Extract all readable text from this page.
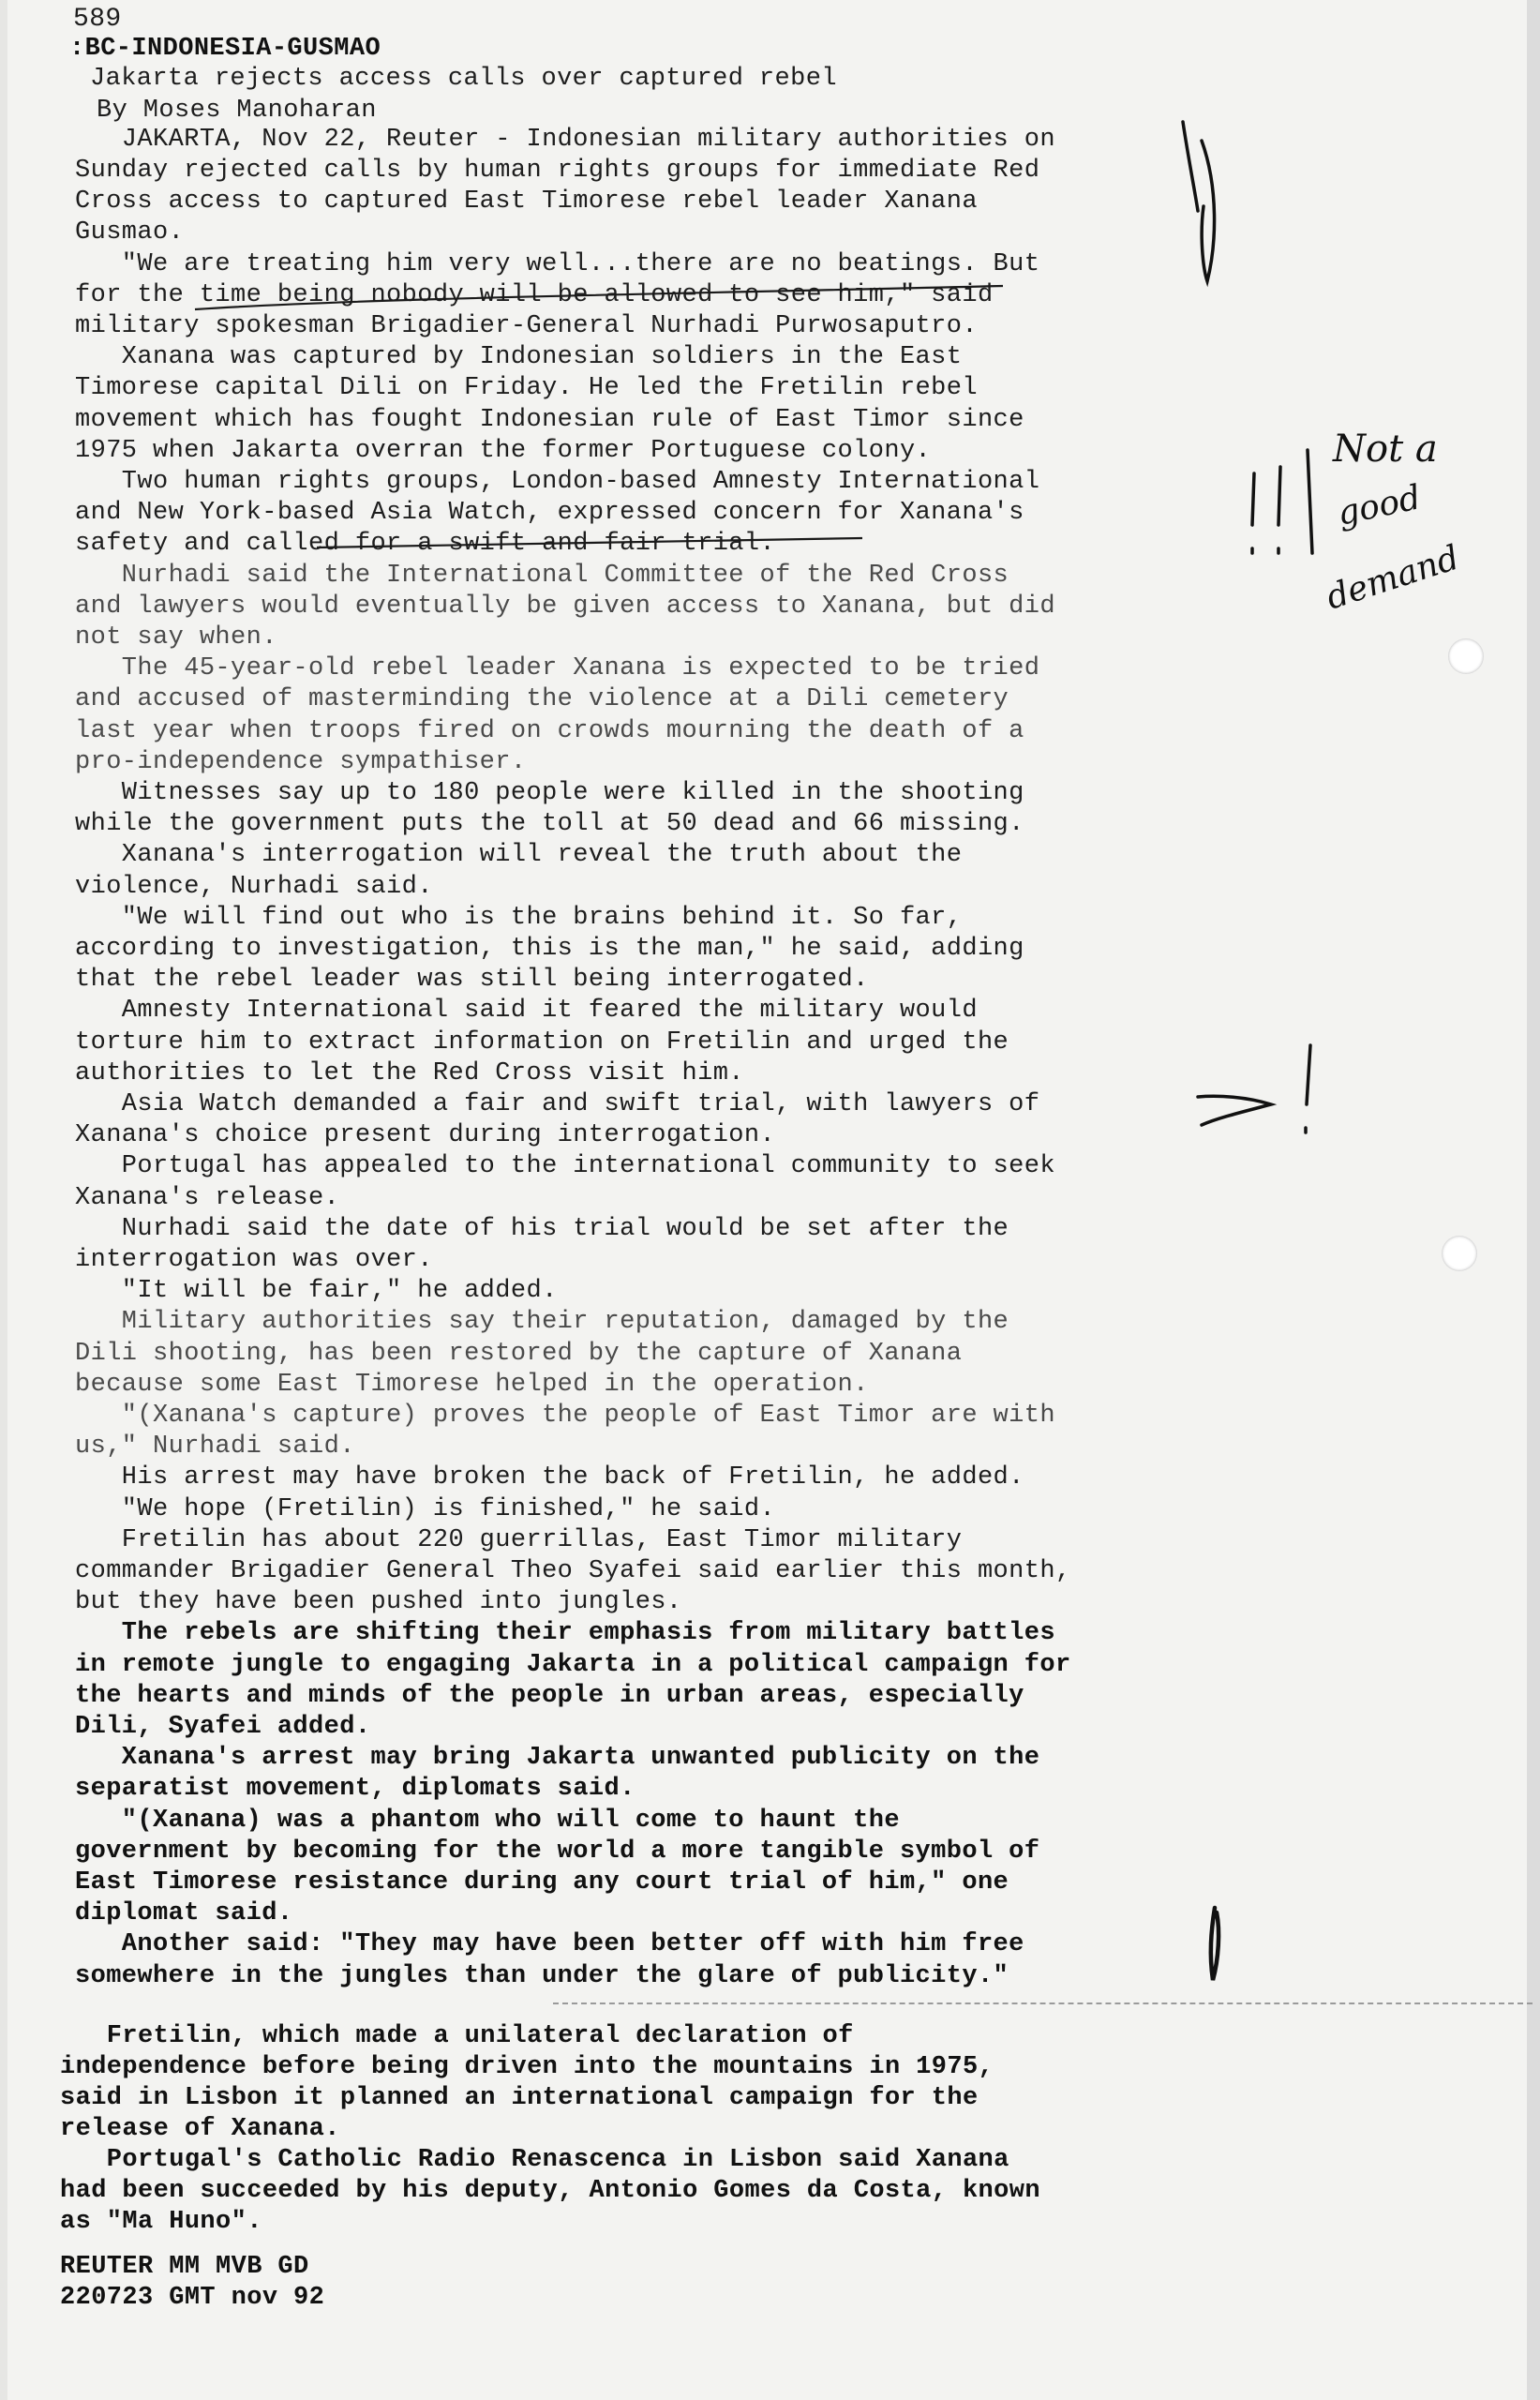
589
:BC-INDONESIA-GUSMAO
Jakarta rejects access calls over captured rebel
By Moses Manoharan
JAKARTA, Nov 22, Reuter - Indonesian military authorities on
Sunday rejected calls by human rights groups for immediate Red
Cross access to captured East Timorese rebel leader Xanana
Gusmao.
"We are treating him very well...there are no beatings. But
for the time being nobody will be allowed to see him," said
military spokesman Brigadier-General Nurhadi Purwosaputro.
Xanana was captured by Indonesian soldiers in the East
Timorese capital Dili on Friday. He led the Fretilin rebel
movement which has fought Indonesian rule of East Timor since
1975 when Jakarta overran the former Portuguese colony.
Two human rights groups, London-based Amnesty International
and New York-based Asia Watch, expressed concern for Xanana's
safety and called for a swift and fair trial.
Nurhadi said the International Committee of the Red Cross
and lawyers would eventually be given access to Xanana, but did
not say when.
The 45-year-old rebel leader Xanana is expected to be tried
and accused of masterminding the violence at a Dili cemetery
last year when troops fired on crowds mourning the death of a
pro-independence sympathiser.
Witnesses say up to 180 people were killed in the shooting
while the government puts the toll at 50 dead and 66 missing.
Xanana's interrogation will reveal the truth about the
violence, Nurhadi said.
"We will find out who is the brains behind it. So far,
according to investigation, this is the man," he said, adding
that the rebel leader was still being interrogated.
Amnesty International said it feared the military would
torture him to extract information on Fretilin and urged the
authorities to let the Red Cross visit him.
Asia Watch demanded a fair and swift trial, with lawyers of
Xanana's choice present during interrogation.
Portugal has appealed to the international community to seek
Xanana's release.
Nurhadi said the date of his trial would be set after the
interrogation was over.
"It will be fair," he added.
Military authorities say their reputation, damaged by the
Dili shooting, has been restored by the capture of Xanana
because some East Timorese helped in the operation.
"(Xanana's capture) proves the people of East Timor are with
us," Nurhadi said.
His arrest may have broken the back of Fretilin, he added.
"We hope (Fretilin) is finished," he said.
Fretilin has about 220 guerrillas, East Timor military
commander Brigadier General Theo Syafei said earlier this month,
but they have been pushed into jungles.
The rebels are shifting their emphasis from military battles
in remote jungle to engaging Jakarta in a political campaign for
the hearts and minds of the people in urban areas, especially
Dili, Syafei added.
Xanana's arrest may bring Jakarta unwanted publicity on the
separatist movement, diplomats said.
"(Xanana) was a phantom who will come to haunt the
government by becoming for the world a more tangible symbol of
East Timorese resistance during any court trial of him," one
diplomat said.
Another said: "They may have been better off with him free
somewhere in the jungles than under the glare of publicity."
Fretilin, which made a unilateral declaration of
independence before being driven into the mountains in 1975,
said in Lisbon it planned an international campaign for the
release of Xanana.
Portugal's Catholic Radio Renascenca in Lisbon said Xanana
had been succeeded by his deputy, Antonio Gomes da Costa, known
as "Ma Huno".
REUTER MM MVB GD
220723 GMT nov 92
Not a
good
demand
